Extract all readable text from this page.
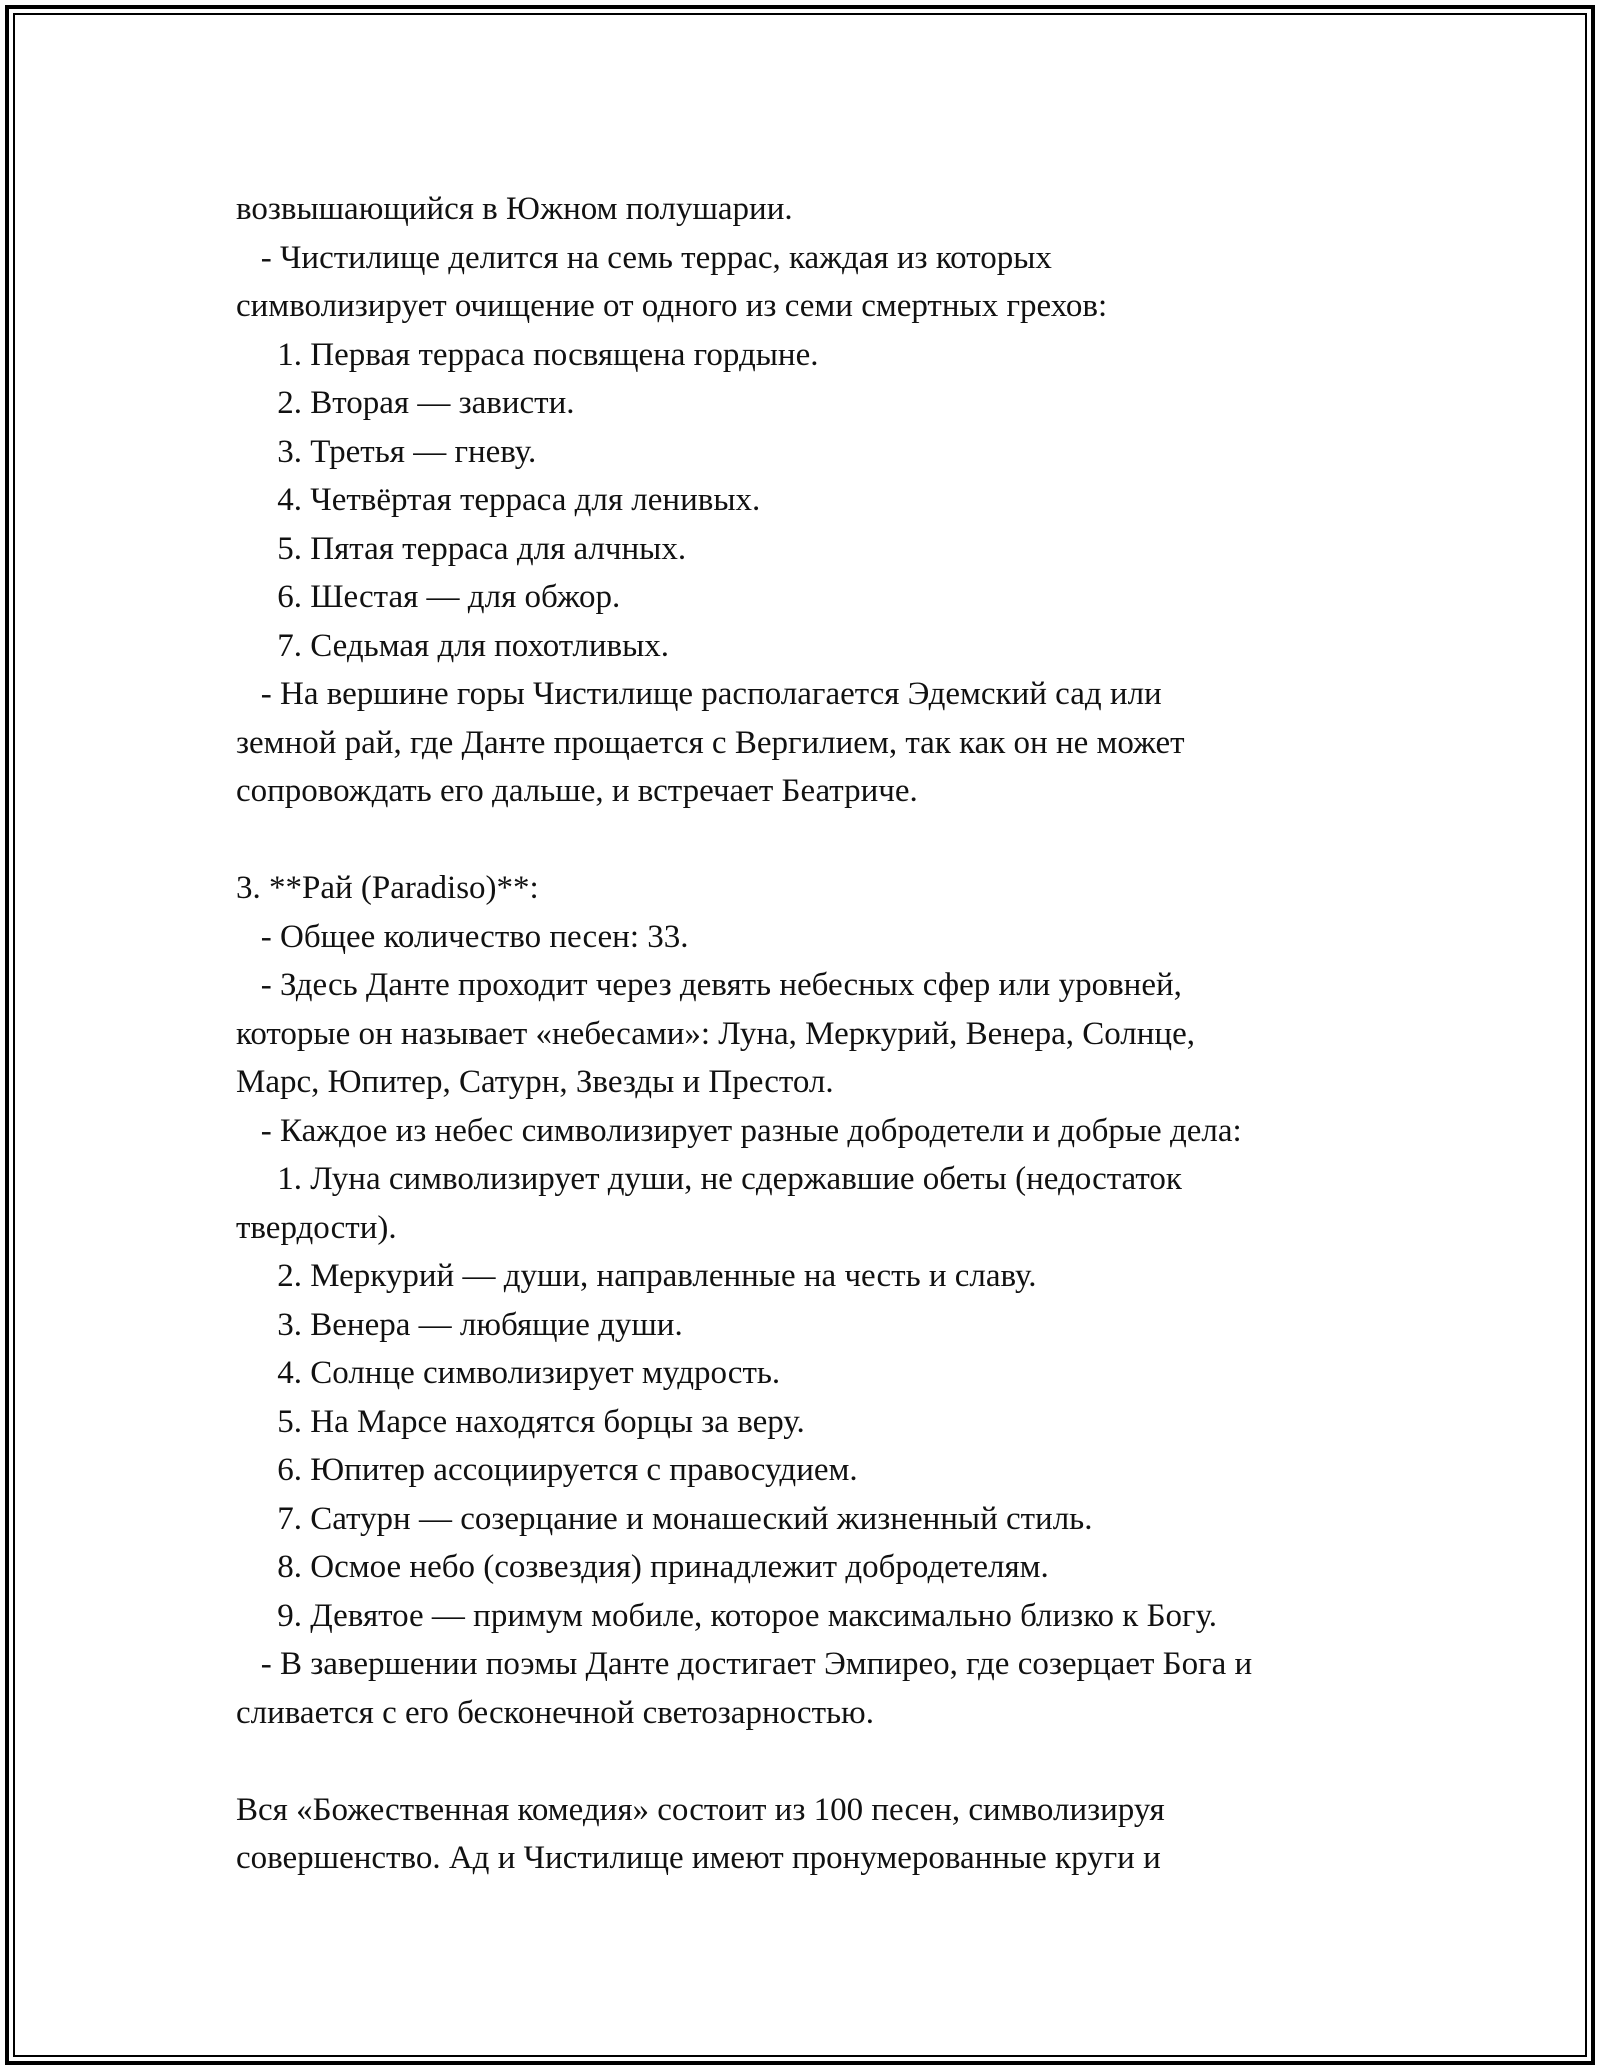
возвышающийся в Южном полушарии.
- Чистилище делится на семь террас, каждая из которых
символизирует очищение от одного из семи смертных грехов:
1. Первая терраса посвящена гордыне.
2. Вторая — зависти.
3. Третья — гневу.
4. Четвёртая терраса для ленивых.
5. Пятая терраса для алчных.
6. Шестая — для обжор.
7. Седьмая для похотливых.
- На вершине горы Чистилище располагается Эдемский сад или
земной рай, где Данте прощается с Вергилием, так как он не может
сопровождать его дальше, и встречает Беатриче.
3. **Рай (Paradiso)**:
- Общее количество песен: 33.
- Здесь Данте проходит через девять небесных сфер или уровней,
которые он называет «небесами»: Луна, Меркурий, Венера, Солнце,
Марс, Юпитер, Сатурн, Звезды и Престол.
- Каждое из небес символизирует разные добродетели и добрые дела:
1. Луна символизирует души, не сдержавшие обеты (недостаток
твердости).
2. Меркурий — души, направленные на честь и славу.
3. Венера — любящие души.
4. Солнце символизирует мудрость.
5. На Марсе находятся борцы за веру.
6. Юпитер ассоциируется с правосудием.
7. Сатурн — созерцание и монашеский жизненный стиль.
8. Осмое небо (созвездия) принадлежит добродетелям.
9. Девятое — примум мобиле, которое максимально близко к Богу.
- В завершении поэмы Данте достигает Эмпирео, где созерцает Бога и
сливается с его бесконечной светозарностью.
Вся «Божественная комедия» состоит из 100 песен, символизируя
совершенство. Ад и Чистилище имеют пронумерованные круги и
